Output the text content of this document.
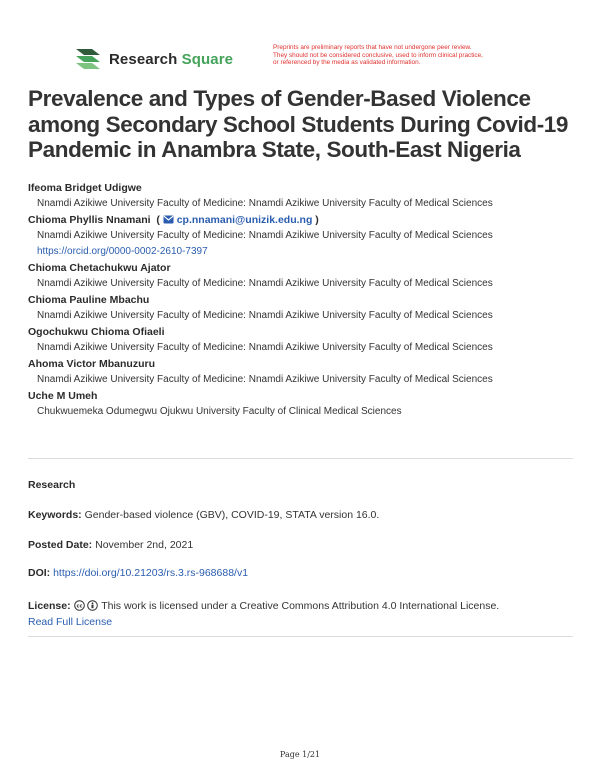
Research Square
Preprints are preliminary reports that have not undergone peer review.
They should not be considered conclusive, used to inform clinical practice,
or referenced by the media as validated information.
Prevalence and Types of Gender-Based Violence among Secondary School Students During Covid-19 Pandemic in Anambra State, South-East Nigeria
Ifeoma Bridget Udigwe
Nnamdi Azikiwe University Faculty of Medicine: Nnamdi Azikiwe University Faculty of Medical Sciences
Chioma Phyllis Nnamani  (  cp.nnamani@unizik.edu.ng )
Nnamdi Azikiwe University Faculty of Medicine: Nnamdi Azikiwe University Faculty of Medical Sciences
https://orcid.org/0000-0002-2610-7397
Chioma Chetachukwu Ajator
Nnamdi Azikiwe University Faculty of Medicine: Nnamdi Azikiwe University Faculty of Medical Sciences
Chioma Pauline Mbachu
Nnamdi Azikiwe University Faculty of Medicine: Nnamdi Azikiwe University Faculty of Medical Sciences
Ogochukwu Chioma Ofiaeli
Nnamdi Azikiwe University Faculty of Medicine: Nnamdi Azikiwe University Faculty of Medical Sciences
Ahoma Victor Mbanuzuru
Nnamdi Azikiwe University Faculty of Medicine: Nnamdi Azikiwe University Faculty of Medical Sciences
Uche M Umeh
Chukwuemeka Odumegwu Ojukwu University Faculty of Clinical Medical Sciences

Research

Keywords: Gender-based violence (GBV), COVID-19, STATA version 16.0.

Posted Date: November 2nd, 2021

DOI: https://doi.org/10.21203/rs.3.rs-968688/v1

License: cc This work is licensed under a Creative Commons Attribution 4.0 International License.
Read Full License
Page 1/21
